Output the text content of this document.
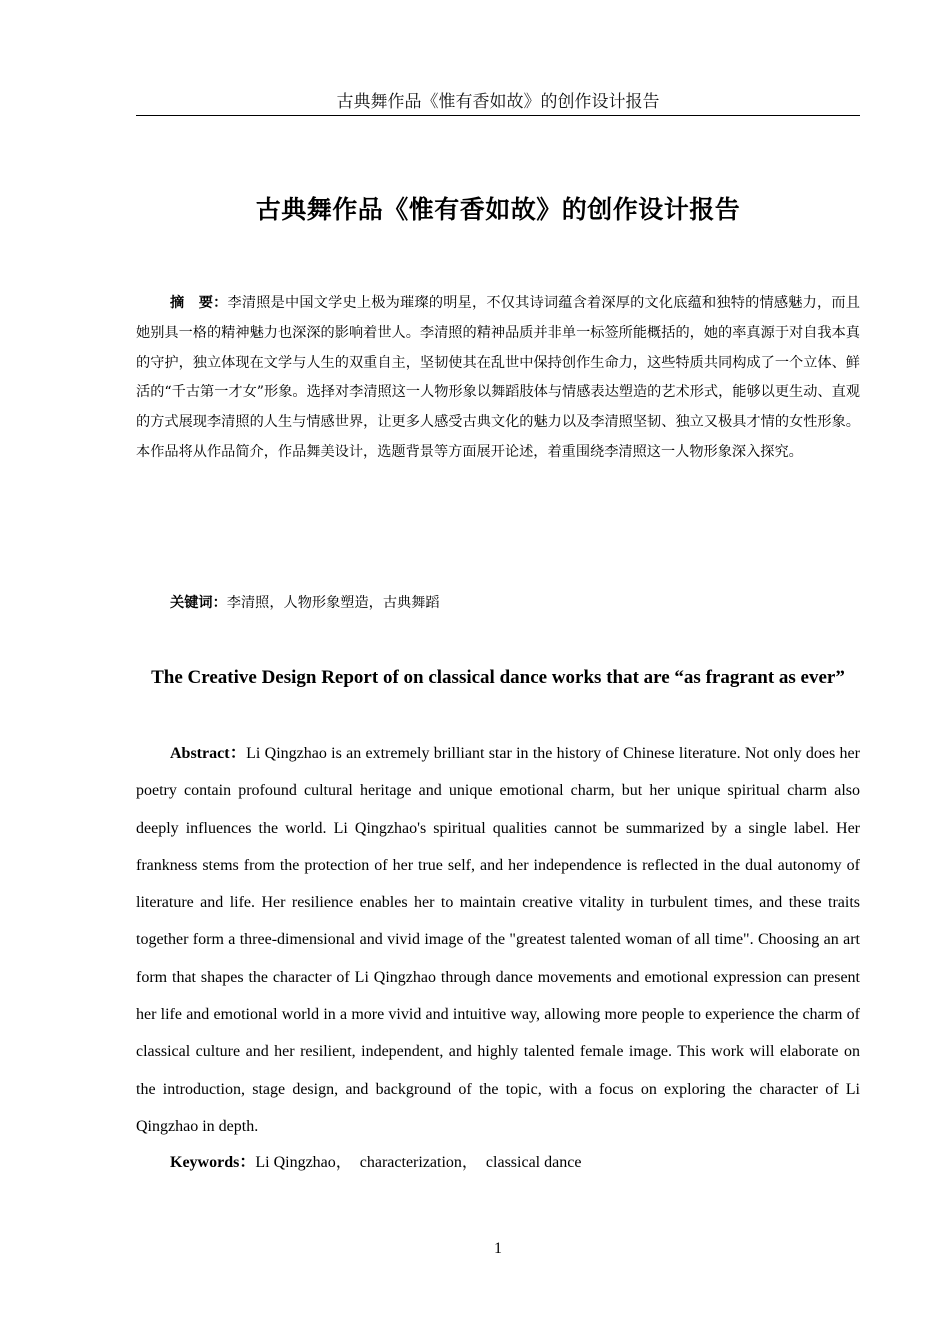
古典舞作品《惟有香如故》的创作设计报告
古典舞作品《惟有香如故》的创作设计报告

摘　要：李清照是中国文学史上极为璀璨的明星，不仅其诗词蕴含着深厚的文化底蕴和独特的情感魅力，而且她别具一格的精神魅力也深深的影响着世人。李清照的精神品质并非单一标签所能概括的，她的率真源于对自我本真的守护，独立体现在文学与人生的双重自主，坚韧使其在乱世中保持创作生命力，这些特质共同构成了一个立体、鲜活的“千古第一才女”形象。选择对李清照这一人物形象以舞蹈肢体与情感表达塑造的艺术形式，能够以更生动、直观的方式展现李清照的人生与情感世界，让更多人感受古典文化的魅力以及李清照坚韧、独立又极具才情的女性形象。本作品将从作品简介，作品舞美设计，选题背景等方面展开论述，着重围绕李清照这一人物形象深入探究。

关键词：李清照，人物形象塑造，古典舞蹈

The Creative Design Report of on classical dance works that are “as fragrant as ever”

Abstract：Li Qingzhao is an extremely brilliant star in the history of Chinese literature. Not only does her poetry contain profound cultural heritage and unique emotional charm, but her unique spiritual charm also deeply influences the world. Li Qingzhao's spiritual qualities cannot be summarized by a single label. Her frankness stems from the protection of her true self, and her independence is reflected in the dual autonomy of literature and life. Her resilience enables her to maintain creative vitality in turbulent times, and these traits together form a three-dimensional and vivid image of the "greatest talented woman of all time". Choosing an art form that shapes the character of Li Qingzhao through dance movements and emotional expression can present her life and emotional world in a more vivid and intuitive way, allowing more people to experience the charm of classical culture and her resilient, independent, and highly talented female image. This work will elaborate on the introduction, stage design, and background of the topic, with a focus on exploring the character of Li Qingzhao in depth.

Keywords：Li Qingzhao，  characterization，  classical dance

1
